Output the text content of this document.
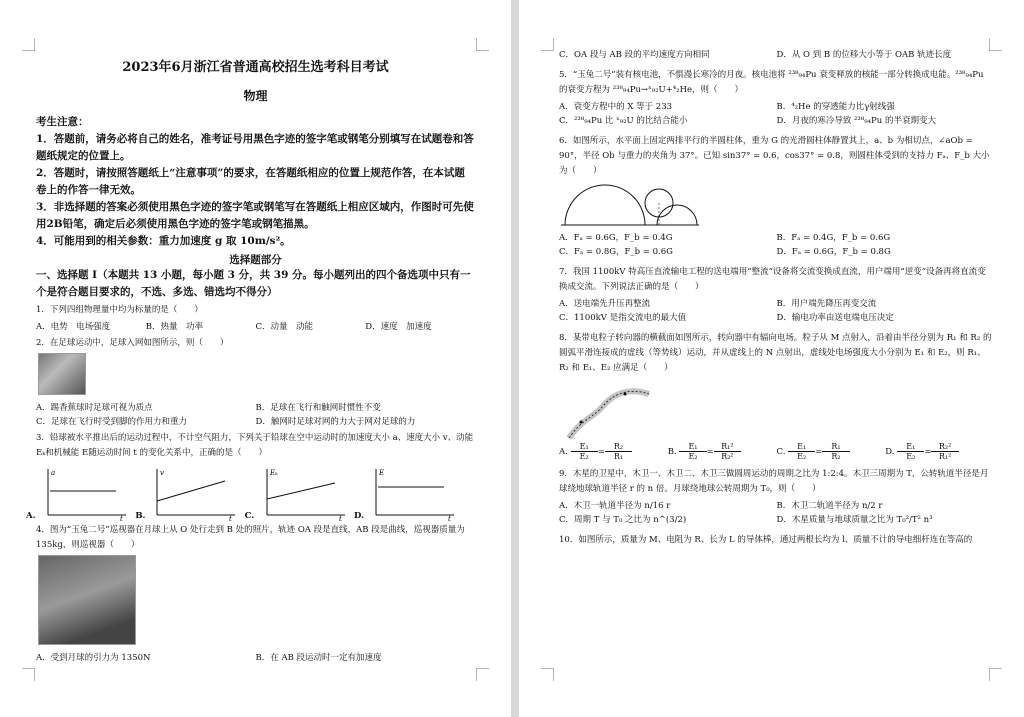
2023年6月浙江省普通高校招生选考科目考试
物理
考生注意：
1．答题前，请务必将自己的姓名，准考证号用黑色字迹的签字笔或钢笔分别填写在试题卷和答题纸规定的位置上。
2．答题时，请按照答题纸上“注意事项”的要求，在答题纸相应的位置上规范作答，在本试题卷上的作答一律无效。
3．非选择题的答案必须使用黑色字迹的签字笔或钢笔写在答题纸上相应区域内，作图时可先使用2B铅笔，确定后必须使用黑色字迹的签字笔或钢笔描黑。
4．可能用到的相关参数：重力加速度 g 取 10m/s²。
选择题部分
一、选择题 I（本题共 13 小题，每小题 3 分，共 39 分。每小题列出的四个备选项中只有一个是符合题目要求的，不选、多选、错选均不得分）
1．下列四组物理量中均为标量的是（　　）
A．电势　电场强度	B．热量　功率	C．动量　动能	D．速度　加速度
2．在足球运动中，足球入网如图所示，则（　　）
A．踢香蕉球时足球可视为质点	B．足球在飞行和触网时惯性不变
C．足球在飞行时受到脚的作用力和重力	D．触网时足球对网的力大于网对足球的力
3．铅球被水平推出后的运动过程中，不计空气阻力，下列关于铅球在空中运动时的加速度大小 a、速度大小 v、动能 Eₖ和机械能 E随运动时间 t 的变化关系中，正确的是（　　）
A.
a
t B.
v
t C.
Eₖ
t D.
E
t
4．图为“玉兔二号”巡视器在月球上从 O 处行走到 B 处的照片，轨迹 OA 段是直线，AB 段是曲线，巡视器质量为 135kg，则巡视器（　　）
A．受到月球的引力为 1350N	B．在 AB 段运动时一定有加速度
C．OA 段与 AB 段的平均速度方向相同	D．从 O 到 B 的位移大小等于 OAB 轨迹长度
5．“玉兔二号”装有核电池，不惧漫长寒冷的月夜。核电池将 ²³⁸₉₄Pu 衰变释放的核能一部分转换成电能。²³⁸₉₄Pu 的衰变方程为 ²³⁸₉₄Pu→ˣ₉₂U+⁴₂He，则（　　）
A．衰变方程中的 X 等于 233	B．⁴₂He 的穿透能力比γ射线强
C．²³⁸₉₄Pu 比 ˣ₉₂U 的比结合能小	D．月夜的寒冷导致 ²³⁸₉₄Pu 的半衰期变大
6．如图所示，水平面上固定两排平行的半圆柱体，重为 G 的光滑圆柱体静置其上，a、b 为相切点，∠aOb = 90°，半径 Ob 与重力的夹角为 37°。已知 sin37° = 0.6，cos37° = 0.8，则圆柱体受到的支持力 Fₐ、F_b 大小为（　　）
A．Fₐ = 0.6G，F_b = 0.4G	B．Fₐ = 0.4G，F_b = 0.6G
C．Fₐ = 0.8G，F_b = 0.6G	D．Fₐ = 0.6G，F_b = 0.8G
7．我国 1100kV 特高压直流输电工程的送电端用“整流”设备将交流变换成直流，用户端用“逆变”设备再将直流变换成交流。下列说法正确的是（　　）
A．送电端先升压再整流	B．用户端先降压再变交流
C．1100kV 是指交流电的最大值	D．输电功率由送电端电压决定
8．某带电粒子转向器的横截面如图所示，转向器中有辐向电场。粒子从 M 点射入，沿着由半径分别为 R₁ 和 R₂ 的圆弧平滑连接成的虚线（等势线）运动，并从虚线上的 N 点射出，虚线处电场强度大小分别为 E₁ 和 E₂，则 R₁、R₂ 和 E₁、E₂ 应满足（　　）
A. $\frac{\text{E₁}}{\text{E₂}} = \frac{\text{R₂}}{\text{R₁}}$	B. $\frac{\text{E₁}}{\text{E₂}} = \frac{\text{R₁²}}{\text{R₂²}}$	C. $\frac{\text{E₁}}{\text{E₂}} = \frac{\text{R₁}}{\text{R₂}}$	D. $\frac{\text{E₁}}{\text{E₂}} = \frac{\text{R₂²}}{\text{R₁²}}$
9．木星的卫星中，木卫一、木卫二、木卫三做圆周运动的周期之比为 1:2:4。木卫三周期为 T，公转轨道半径是月球绕地球轨道半径 r 的 n 倍。月球绕地球公转周期为 T₀，则（　　）
A．木卫一轨道半径为 n/16 r	B．木卫二轨道半径为 n/2 r
C．周期 T 与 T₀ 之比为 n^(3/2)	D．木星质量与地球质量之比为 T₀²/T² n³
10．如图所示，质量为 M、电阻为 R、长为 L 的导体棒，通过两根长均为 l、质量不计的导电细杆连在等高的
